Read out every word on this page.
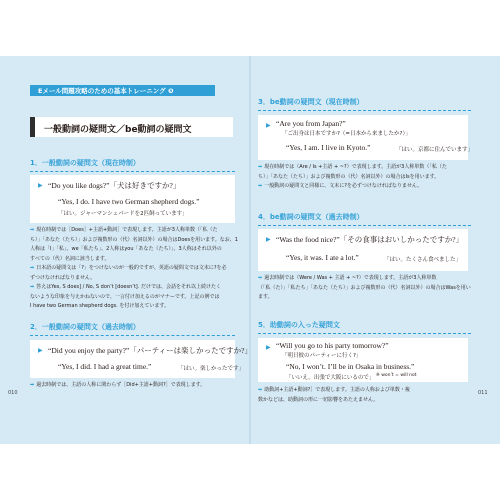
Eメール問題攻略のための基本トレーニング ❺
一般動詞の疑問文／be動詞の疑問文
1．一般動詞の疑問文（現在時制）
▶ “Do you like dogs?”「犬は好きですか?」
“Yes, I do. I have two German shepherd dogs.”
「はい。ジャーマンシェパードを2匹飼っています」
➡ 現在時制では［Does］+主語+動詞］で表現します。主語が3人称単数（「私（た
ち）」「あなた（たち）」および複数形の（代）名詞以外）の場合はDoesを用います。なお、1
人称は「I」「私」、we「私たち」、2人称はyou「あなた（たち）」、3人称はそれ以外の
すべての（代）名詞に該当します。
➡ 日本語の疑問文は「?」をつけないのが一般的ですが、英語の疑問文では文末に?を必
ずつけなければなりません。
➡ 答えはYes, S does] / No, S don’t [doesn’t]. だけでは、会話をそれ以上続けたく
ないような印象を与えかねないので、一言付け加えるのがマナーです。上記の例では
I have two German shepherd dogs. を付け加えています。
2．一般動詞の疑問文（過去時制）
▶ “Did you enjoy the party?”「パーティーは楽しかったですか?」
“Yes, I did. I had a great time.”	「はい。楽しかったです」
➡ 過去時制では、主語の人称に関わらず［Did+主語+動詞?］で表現します。
010
3．be動詞の疑問文（現在時制）
▶ “Are you from Japan?”
「ご出身は日本ですか?（=日本から来ましたか?）」
“Yes, I am. I live in Kyoto.”	「はい。京都に住んでいます」
➡ 現在時制では（Are / Is +主語 + ~?）で表現します。主語が3人称単数（「私（た
ち）」「あなた（たち）」および複数形の（代）名詞以外）の場合はIsを用います。
➡ 一般動詞の疑問文と同様に、文末に?を必ずつけなければなりません。
4．be動詞の疑問文（過去時制）
▶ “Was the food nice?”「その食事はおいしかったですか?」
“Yes, it was. I ate a lot.”	「はい。たくさん食べました」
➡ 過去時制では（Were / Was + 主語 + ~?）で表現します。主語が3人称単数
（「私（た）」「私たち」「あなた（たち）」および複数形の（代）名詞以外）の場合はWasを用い
ます。
5．助動詞の入った疑問文
▶ “Will you go to his party tomorrow?”
「明日彼のパーティーに行く?」
“No, I won’t. I’ll be in Osaka in business.”
「いいえ。出張で大阪にいるので」 ※ won’t = will not
➡ 助動詞+主語+動詞?］で表現します。主語の人称および単数・複
数かなどは、助動詞の形に一切影響をあたえません。
011
